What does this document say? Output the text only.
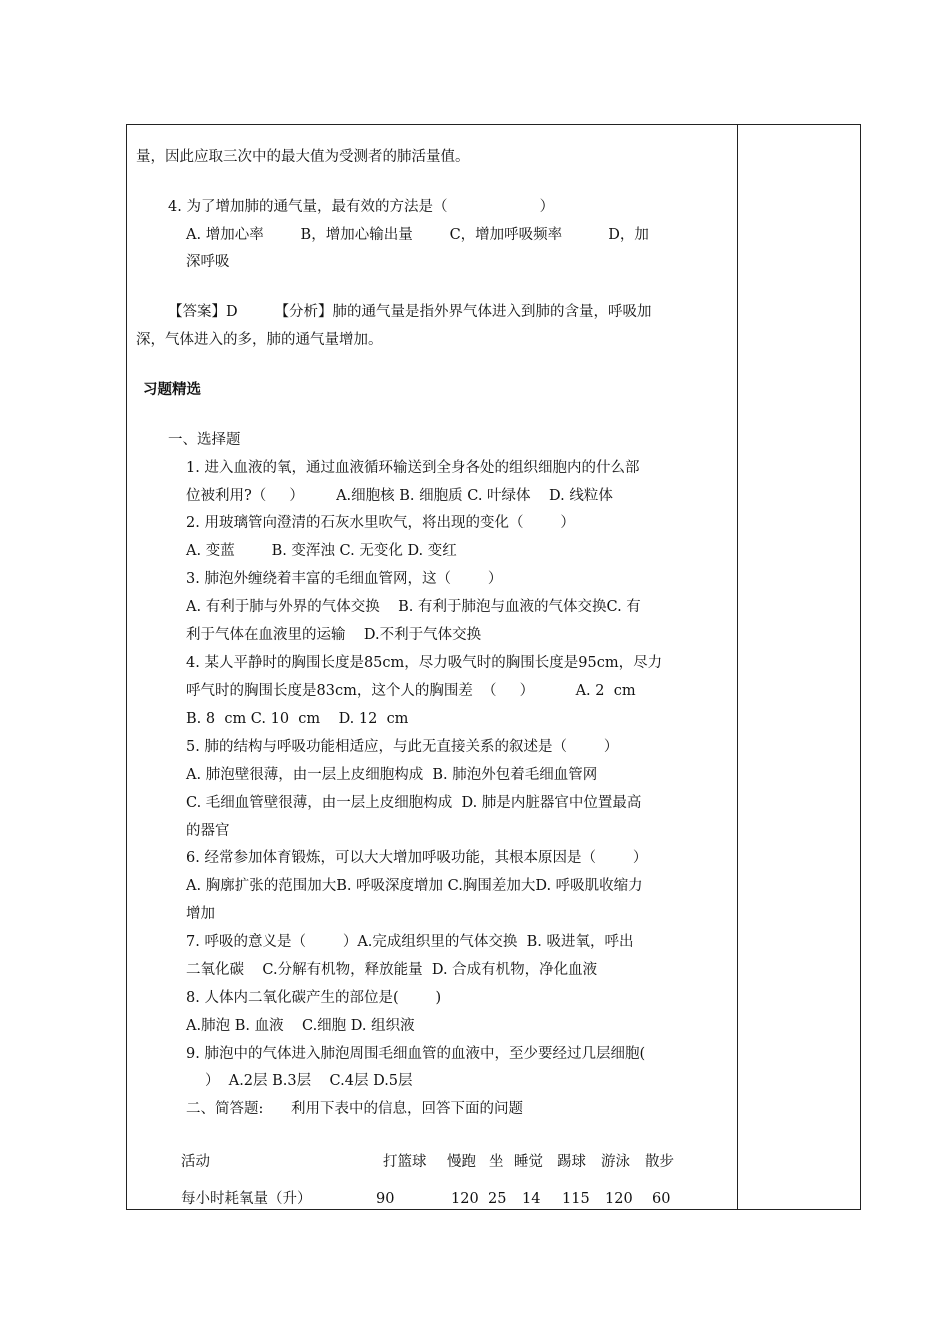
量，因此应取三次中的最大值为受测者的肺活量值。
4. 为了增加肺的通气量，最有效的方法是（                    ）
A. 增加心率        B，增加心输出量        C，增加呼吸频率          D，加
深呼吸
【答案】D        【分析】肺的通气量是指外界气体进入到肺的含量，呼吸加
深，气体进入的多，肺的通气量增加。
习题精选
一、选择题
1. 进入血液的氧，通过血液循环输送到全身各处的组织细胞内的什么部
位被利用?（     ）       A.细胞核 B. 细胞质 C. 叶绿体    D. 线粒体
2. 用玻璃管向澄清的石灰水里吹气，将出现的变化（        ）
A. 变蓝        B. 变浑浊 C. 无变化 D. 变红
3. 肺泡外缠绕着丰富的毛细血管网，这（        ）
A. 有利于肺与外界的气体交换    B. 有利于肺泡与血液的气体交换C. 有
利于气体在血液里的运输    D.不利于气体交换
4. 某人平静时的胸围长度是85cm，尽力吸气时的胸围长度是95cm，尽力
呼气时的胸围长度是83cm，这个人的胸围差  （     ）         A. 2  cm
B. 8  cm C. 10  cm    D. 12  cm
5. 肺的结构与呼吸功能相适应，与此无直接关系的叙述是（        ）
A. 肺泡壁很薄，由一层上皮细胞构成  B. 肺泡外包着毛细血管网
C. 毛细血管壁很薄，由一层上皮细胞构成  D. 肺是内脏器官中位置最高
的器官
6. 经常参加体育锻炼，可以大大增加呼吸功能，其根本原因是（        ）
A. 胸廓扩张的范围加大B. 呼吸深度增加 C.胸围差加大D. 呼吸肌收缩力
增加
7. 呼吸的意义是（        ）A.完成组织里的气体交换  B. 吸进氧，呼出
二氧化碳    C.分解有机物，释放能量  D. 合成有机物，净化血液
8. 人体内二氧化碳产生的部位是(        )
A.肺泡 B. 血液    C.细胞 D. 组织液
9. 肺泡中的气体进入肺泡周围毛细血管的血液中，至少要经过几层细胞(
）  A.2层 B.3层    C.4层 D.5层
二、简答题:      利用下表中的信息，回答下面的问题
活动	打篮球 慢跑 坐 睡觉 踢球 游泳 散步
每小时耗氧量（升）	90	120 25 14 115 120 60
